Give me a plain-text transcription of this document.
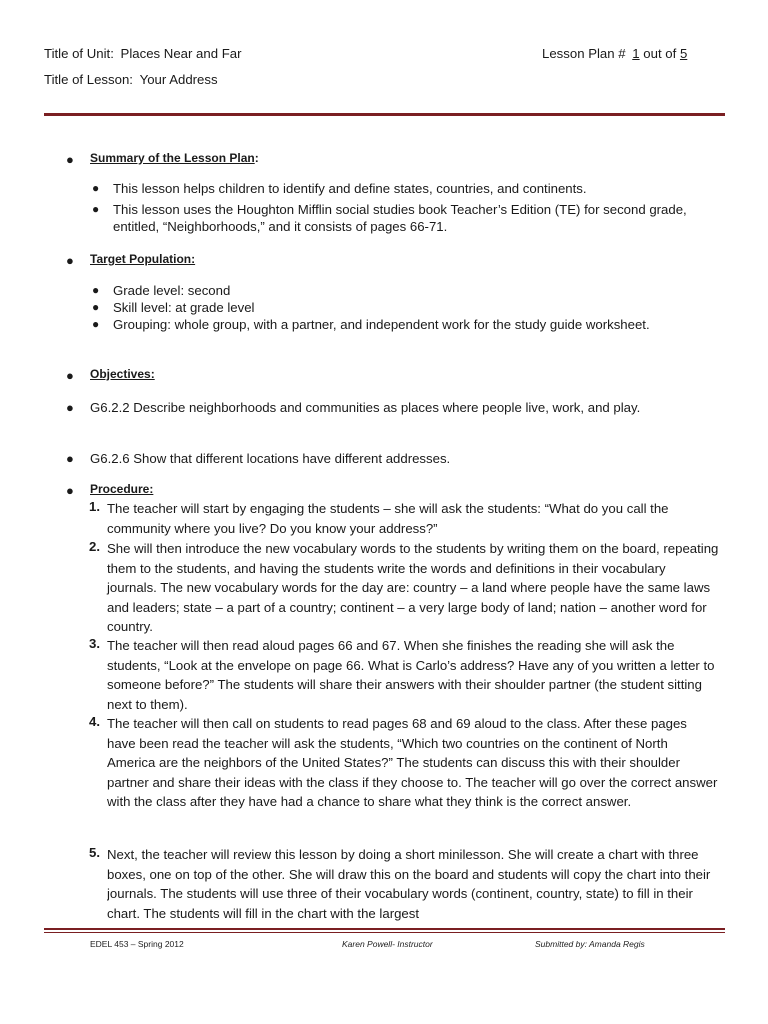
Title of Unit: Places Near and Far
Title of Lesson: Your Address
Lesson Plan # 1 out of 5
● Summary of the Lesson Plan:
● This lesson helps children to identify and define states, countries, and continents.
● This lesson uses the Houghton Mifflin social studies book Teacher’s Edition (TE) for second grade, entitled, “Neighborhoods,” and it consists of pages 66-71.
● Target Population:
● Grade level: second
● Skill level: at grade level
● Grouping: whole group, with a partner, and independent work for the study guide worksheet.
● Objectives:
● G6.2.2 Describe neighborhoods and communities as places where people live, work, and play.
● G6.2.6 Show that different locations have different addresses.
● Procedure:
1. The teacher will start by engaging the students – she will ask the students: “What do you call the community where you live? Do you know your address?”
2. She will then introduce the new vocabulary words to the students by writing them on the board, repeating them to the students, and having the students write the words and definitions in their vocabulary journals. The new vocabulary words for the day are: country – a land where people have the same laws and leaders; state – a part of a country; continent – a very large body of land; nation – another word for country.
3. The teacher will then read aloud pages 66 and 67. When she finishes the reading she will ask the students, “Look at the envelope on page 66. What is Carlo’s address? Have any of you written a letter to someone before?” The students will share their answers with their shoulder partner (the student sitting next to them).
4. The teacher will then call on students to read pages 68 and 69 aloud to the class. After these pages have been read the teacher will ask the students, “Which two countries on the continent of North America are the neighbors of the United States?” The students can discuss this with their shoulder partner and share their ideas with the class if they choose to. The teacher will go over the correct answer with the class after they have had a chance to share what they think is the correct answer.
5. Next, the teacher will review this lesson by doing a short minilesson. She will create a chart with three boxes, one on top of the other. She will draw this on the board and students will copy the chart into their journals. The students will use three of their vocabulary words (continent, country, state) to fill in their chart. The students will fill in the chart with the largest
EDEL 453 – Spring 2012	Karen Powell- Instructor	Submitted by: Amanda Regis
